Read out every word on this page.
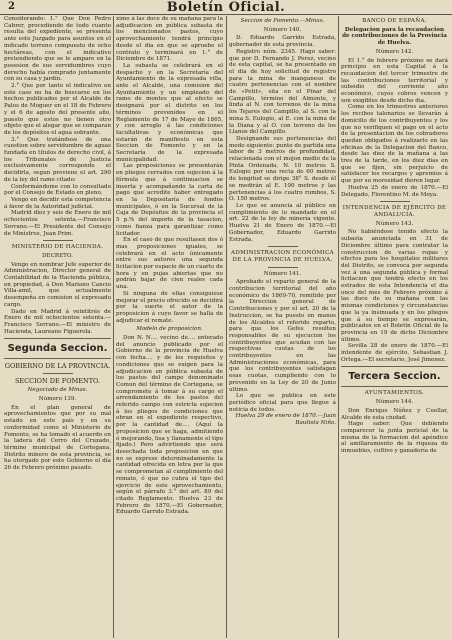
2	Boletín Oficial.

Considerando: 1.° Que Don Pedro Cabrer, procediendo de todo cuanto resulta del expediente, se presenta ante este Juzgado para asuntos en el indicado terreno compuesto de ocho hectáreas, con el indicativo pretendiendo que se le ampare en la posesion de sus servidumbres cuyo derecho había comprado juntamente con su casa y jardín.

2.° Que por tanto el indicativo en este caso no ha de buscarse en los hechos publicados por el Alcalde de Palos de Moguer en el 18 de Febrero y el 6 de agosto del presente año, puesto que estos no tienen otro objeto que el alegar que se comparan de los depósitos el agua sobrante.

3.° Que tratándose de una cuestion sobre servidumbre de aguas fundada en títulos de derecho civil, á los Tribunales de Justicia exclusivamente corresponde el decidirla, segun previene el art. 290 de la ley del ramo citado:

Conformándome con lo consultado por el Consejo de Estado en pleno,

Vengo en decidir esta competencia á favor de la Autoridad judicial.

Madrid diez y seis de Enero de mil ochocientos setenta.—Francisco Serrano.—El Presidente del Consejo de Ministros, Juan Prim.

MINISTERIO DE HACIENDA.

DECRETO.

Vengo en nombrar Jefe superior de Administracion, Director general de Contabilidad de la Hacienda pública, en propiedad, á Don Mariano Cancio Villa-amil, que actualmente desempeña en comision el expresado cargo.

Dado en Madrid á veintitrés de Enero de mil ochocientos setenta.—Francisco Serrano.—El ministro de Hacienda, Laureano Figuerola.

Segunda Seccion.

GOBIERNO DE LA PROVINCIA.

SECCION DE FOMENTO.

Negociado de Minas.

Número 139.

En el plan general de aprovechamientos que por su mal estado en este país y en su conformidad como el Ministerio de Fomento, se ha tomado el acuerdo en la ladera del Cerro del Cruzado, término municipal de Cortegana, Distrito minero de esta provincia, se ha otorgado por este Gobierno el día 26 de Febrero próximo pasado.

ximo á las doce de su mañana para la adjudicacion en pública subasta de los mencionados pastos, cuyo aprovechamiento tendrá principio desde el dia en que se apruebe el contrato y terminará en 1.° de Diciembre de 1871.

La subasta se celebrará en el despacho y en la Secretaría del Ayuntamiento de la expresada villa, ante el Alcalde, una comision del Ayuntamiento y un empleado del ramo de montes que al efecto se designará por el distrito en los términos prevenidos en el Reglamento de 17 de Mayo de 1865, y con arreglo á las condiciones facultativas y económicas que estarán de manifiesto en esta Seccion de Fomento y en la Secretaría de la expresada municipalidad.

Las proposiciones se presentarán en pliegos cerrados con sujecion á la fórmula que á continuacion se inserta y acompañando la carta de pago que acredite haber entregado en la Depositaría de fondos municipales, ó en la Sucursal de la Caja de Depósitos de la provincia el 5 p.% del importe de la tasacion, como fianza para garantizar como licitador.

En el caso de que resultasen dos ó mas proposiciones iguales, se celebrará en el acto únicamente entre sus autores una segunda licitacion por espacio de un cuarto de hora y en pujas abiertas que no podrán bajar de cien reales cada una.

Si ninguna de ellas consiguiese mejorar el precio ofrecido se decidirá por la suerte el autor de la proposicion á cuyo favor se halla de adjudicar el remate.

Modelo de proposicion.

Don N. N.... vecino de.... enterado del anuncio publicado por el Gobierno de la provincia de Huelva con fecha.... y de los requisitos y condiciones que se exigen para la adjudicacion en pública subasta de los pastos del campo denominado Comun del término de Cortegana, se compromete á tomar á su cargo el arrendamiento de los pastos del referido campo con estricta sujecion á los pliegos de condiciones que obran en el expediente respectivo, por la cantidad de.... (Aquí la proposicion que se haga, admitiendo ó mejorando, lisa y llanamente el tipo fijado.) Pero advirtiendo que será desechada toda proposicion en que no se exprese determinadamente la cantidad ofrecida en letra por la que se comprometan al cumplimiento del remate, ó que no cubra el tipo del ejercicio de este aprovechamiento, según el párrafo 3.° del art. 89 del citado Reglamento. Huelva 23 de Febrero de 1870.—El Gobernador, Eduardo Garrido Estrada.

Seccion de Fomento.—Minas.

Número 140.

D. Eduardo Garrido Estrada, gobernador de esta provincia.

Registro núm. 2345. Hago saber: que por D. Fernando J. Perez, vecino de esta capital, se ha presentado en el dia de hoy solicitud de registro para la mina de manganeso de cuatro pertenencias con el nombre de «Petit», sita en el Pinar del Campillo, término del Almonte, y linda al N. con terrenos de la mina los Tejares del Campillo, al S. con la mina S. Eulogio, al E. con la mina de la Diana y al O. con terreno de los Llanos del Campillo.

Designando sus pertenencias del modo siguiente: punto de partida una labor de 3 metros de profundidad, relacionada con el mojon medio de la Pinta Ordenada, N. 10 metros S. Eulogio por una recta de 60 metros de longitud se dirige 38° S. desde él se medirán al E. 100 metros y las pertenencias á los cuatro rumbos, S. O. 150 metros.

Lo que se anuncia al público en cumplimiento de lo mandado en el art. 22 de la ley de minería vigente. Huelva 21 de Enero de 1870.—El Gobernador, Eduardo Garrido Estrada.

ADMINISTRACION ECONÓMICA DE LA PROVINCIA DE HUELVA.

Número 141.

Aprobado el reparto general de la contribucion territorial del año económico de 1869-70, remitido por la Direccion general de Contribuciones y por el art. 20 de la Instruccion, se ha puesto en manos de los Alcaldes el referido reparto, para que los Gefes resulten responsables de su ejecucion los contribuyentes que acudan con las respectivas cuotas de los contribuyentes en las Administraciones económicas, para que los contribuyentes satisfagan esas cuotas, cumpliendo con lo prevenido en la Ley de 20 de Junio ultimo.

Lo que se publica en este periódico oficial para que llegue á noticia de todos.

Huelva 29 de enero de 1870.—Juan Bautista Niño.

BANCO DE ESPAÑA.

Delegacion para la recaudacion de contribuciones de la Provincia de Huelva.

Número 142.

El 1.° de febrero próximo se dará principio en esta Capital á la recaudacion del tercer trimestre de las contribuciones territorial y subsidio del corriente año económico, cuyos cobros vencen y son exigibles desde dicho dia.

Como en los trimestres anteriores los recibos talonarios se llevarán á domicilio de los contribuyentes y los que no verifiquen el pago en el acto de la presentacion de los cobradores quedan obligados á realizarlo en las oficinas de la Delegacion del Banco, desde las diez de la mañana á las tres de la tarde, en los diez dias en que se fijen, sin perjuicio de satisfacer los recargos y apremios á que por su morosidad dieren lugar.

Huelva 25 de enero de 1870.—El Delegado, Florentino M. de Moya.

INTENDENCIA DE EJÉRCITO DE ANDALUCÍA.

Número 143.

No habiéndose tenido efecto la subasta anunciada en 31 de Diciembre último para contratar la construccion de varias ropas y efectos para los hospitales militares del Distrito, se convoca por segunda vez á una segunda pública y formal licitacion que tendrá efecto en los estrados de esta Intendencia el dia once del mes de Febrero próximo á las doce de su mañana con las mismas condiciones y circunstancias que la ya insinuada y en los pliegos que á su tiempo se expresarán, publicados en el Boletín Oficial de la provincia en 19 de dicho Diciembre último.

Sevilla 28 de enero de 1870.—El intendente de ejército, Sebastian J. Ortega.—El secretario, José Jimenez.

Tercera Seccion.

AYUNTAMIENTOS.

Número 144.

Don Enrique Núñez y Cuellar, Alcalde de esta ciudad.

Hago saber: Que debiendo comparecer la junta pericial de la misma de la formacion del apéndice al amillaramiento de la riqueza de inmuebles, cultivo y ganadería de
